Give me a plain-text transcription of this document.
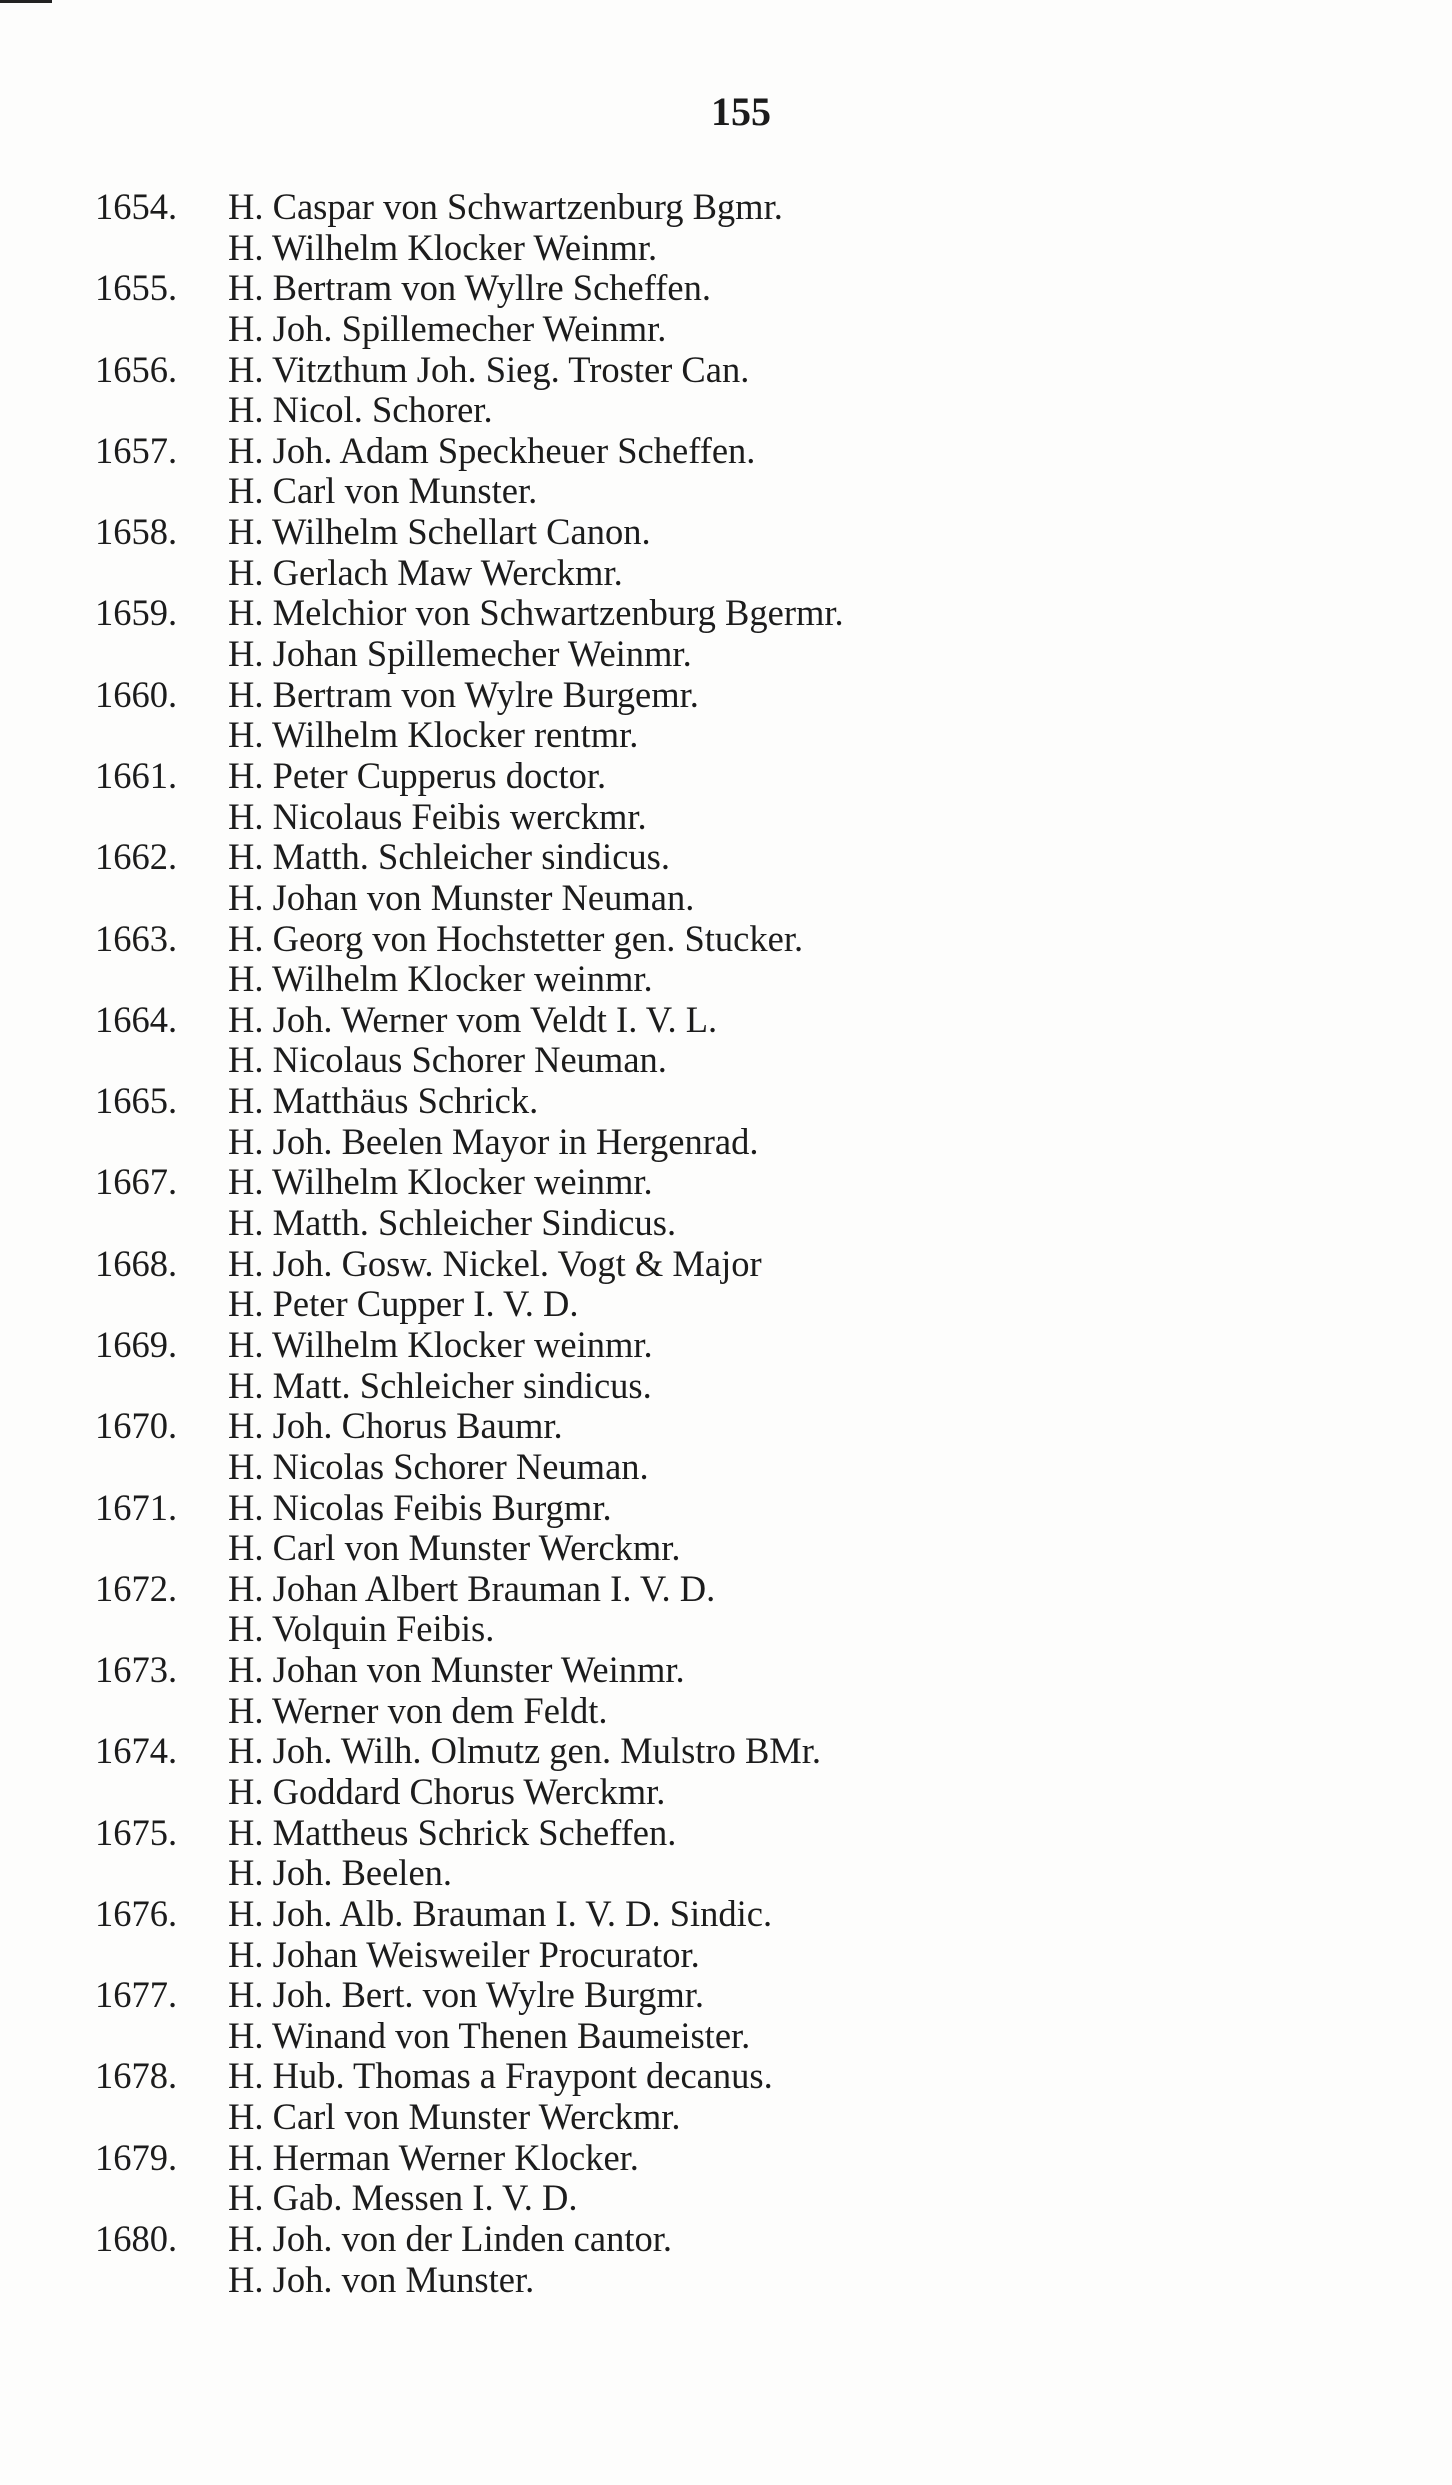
155
1654.	H. Caspar von Schwartzenburg Bgmr.
H. Wilhelm Klocker Weinmr.
1655.	H. Bertram von Wyllre Scheffen.
H. Joh. Spillemecher Weinmr.
1656.	H. Vitzthum Joh. Sieg. Troster Can.
H. Nicol. Schorer.
1657.	H. Joh. Adam Speckheuer Scheffen.
H. Carl von Munster.
1658.	H. Wilhelm Schellart Canon.
H. Gerlach Maw Werckmr.
1659.	H. Melchior von Schwartzenburg Bgermr.
H. Johan Spillemecher Weinmr.
1660.	H. Bertram von Wylre Burgemr.
H. Wilhelm Klocker rentmr.
1661.	H. Peter Cupperus doctor.
H. Nicolaus Feibis werckmr.
1662.	H. Matth. Schleicher sindicus.
H. Johan von Munster Neuman.
1663.	H. Georg von Hochstetter gen. Stucker.
H. Wilhelm Klocker weinmr.
1664.	H. Joh. Werner vom Veldt I. V. L.
H. Nicolaus Schorer Neuman.
1665.	H. Matthäus Schrick.
H. Joh. Beelen Mayor in Hergenrad.
1667.	H. Wilhelm Klocker weinmr.
H. Matth. Schleicher Sindicus.
1668.	H. Joh. Gosw. Nickel. Vogt & Major
H. Peter Cupper I. V. D.
1669.	H. Wilhelm Klocker weinmr.
H. Matt. Schleicher sindicus.
1670.	H. Joh. Chorus Baumr.
H. Nicolas Schorer Neuman.
1671.	H. Nicolas Feibis Burgmr.
H. Carl von Munster Werckmr.
1672.	H. Johan Albert Brauman I. V. D.
H. Volquin Feibis.
1673.	H. Johan von Munster Weinmr.
H. Werner von dem Feldt.
1674.	H. Joh. Wilh. Olmutz gen. Mulstro BMr.
H. Goddard Chorus Werckmr.
1675.	H. Mattheus Schrick Scheffen.
H. Joh. Beelen.
1676.	H. Joh. Alb. Brauman I. V. D. Sindic.
H. Johan Weisweiler Procurator.
1677.	H. Joh. Bert. von Wylre Burgmr.
H. Winand von Thenen Baumeister.
1678.	H. Hub. Thomas a Fraypont decanus.
H. Carl von Munster Werckmr.
1679.	H. Herman Werner Klocker.
H. Gab. Messen I. V. D.
1680.	H. Joh. von der Linden cantor.
H. Joh. von Munster.
